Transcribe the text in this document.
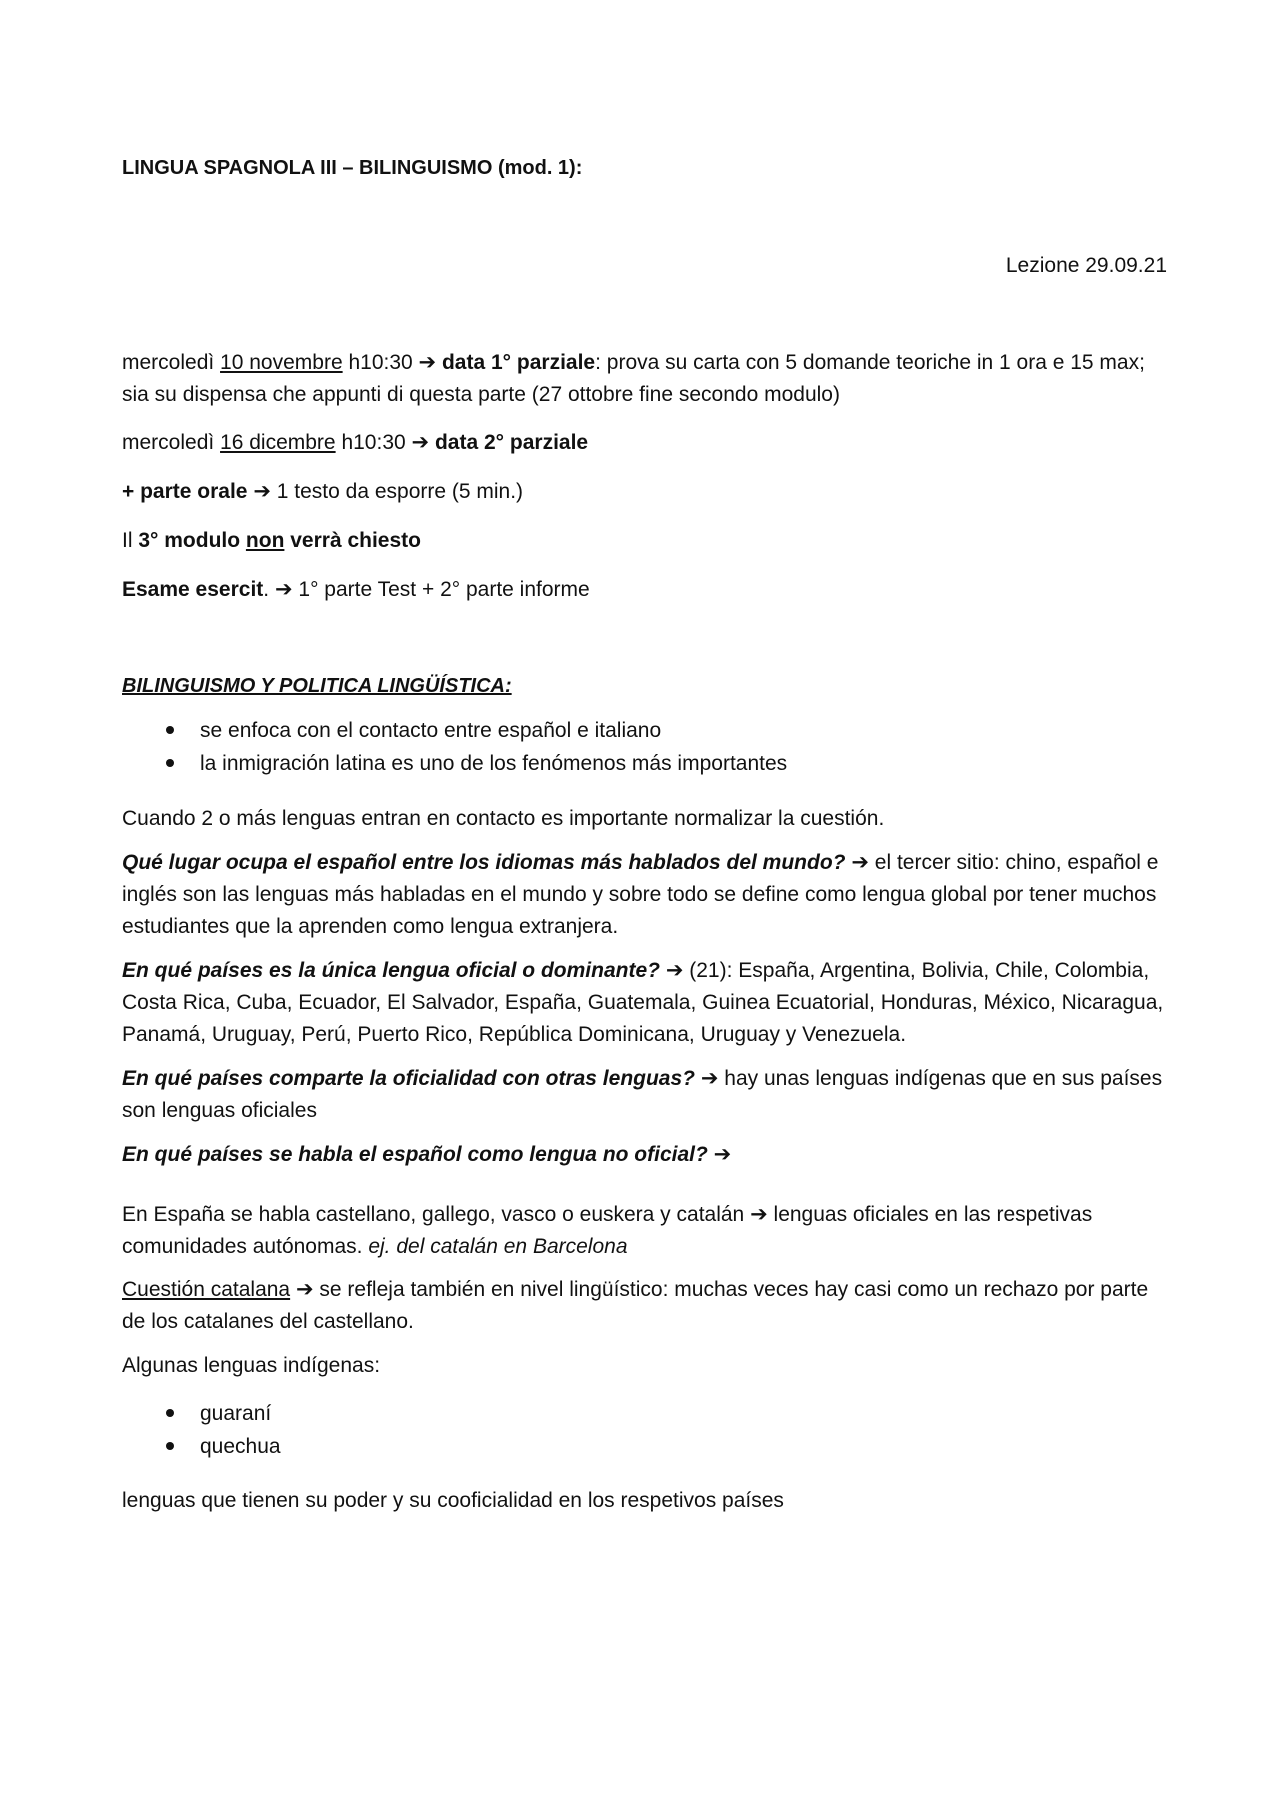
LINGUA SPAGNOLA III – BILINGUISMO (mod. 1):

Lezione 29.09.21

mercoledì 10 novembre h10:30 ➔ data 1° parziale: prova su carta con 5 domande teoriche in 1 ora e 15 max; sia su dispensa che appunti di questa parte (27 ottobre fine secondo modulo)

mercoledì 16 dicembre h10:30 ➔ data 2° parziale

+ parte orale ➔ 1 testo da esporre (5 min.)

Il 3° modulo non verrà chiesto

Esame esercit. ➔ 1° parte Test + 2° parte informe

BILINGUISMO Y POLITICA LINGÜÍSTICA:

se enfoca con el contacto entre español e italiano
la inmigración latina es uno de los fenómenos más importantes

Cuando 2 o más lenguas entran en contacto es importante normalizar la cuestión.

Qué lugar ocupa el español entre los idiomas más hablados del mundo? ➔ el tercer sitio: chino, español e inglés son las lenguas más habladas en el mundo y sobre todo se define como lengua global por tener muchos estudiantes que la aprenden como lengua extranjera.

En qué países es la única lengua oficial o dominante? ➔ (21): España, Argentina, Bolivia, Chile, Colombia, Costa Rica, Cuba, Ecuador, El Salvador, España, Guatemala, Guinea Ecuatorial, Honduras, México, Nicaragua, Panamá, Uruguay, Perú, Puerto Rico, República Dominicana, Uruguay y Venezuela.

En qué países comparte la oficialidad con otras lenguas? ➔ hay unas lenguas indígenas que en sus países son lenguas oficiales

En qué países se habla el español como lengua no oficial? ➔

En España se habla castellano, gallego, vasco o euskera y catalán ➔ lenguas oficiales en las respetivas comunidades autónomas. ej. del catalán en Barcelona

Cuestión catalana ➔ se refleja también en nivel lingüístico: muchas veces hay casi como un rechazo por parte de los catalanes del castellano.

Algunas lenguas indígenas:

guaraní
quechua

lenguas que tienen su poder y su cooficialidad en los respetivos países
